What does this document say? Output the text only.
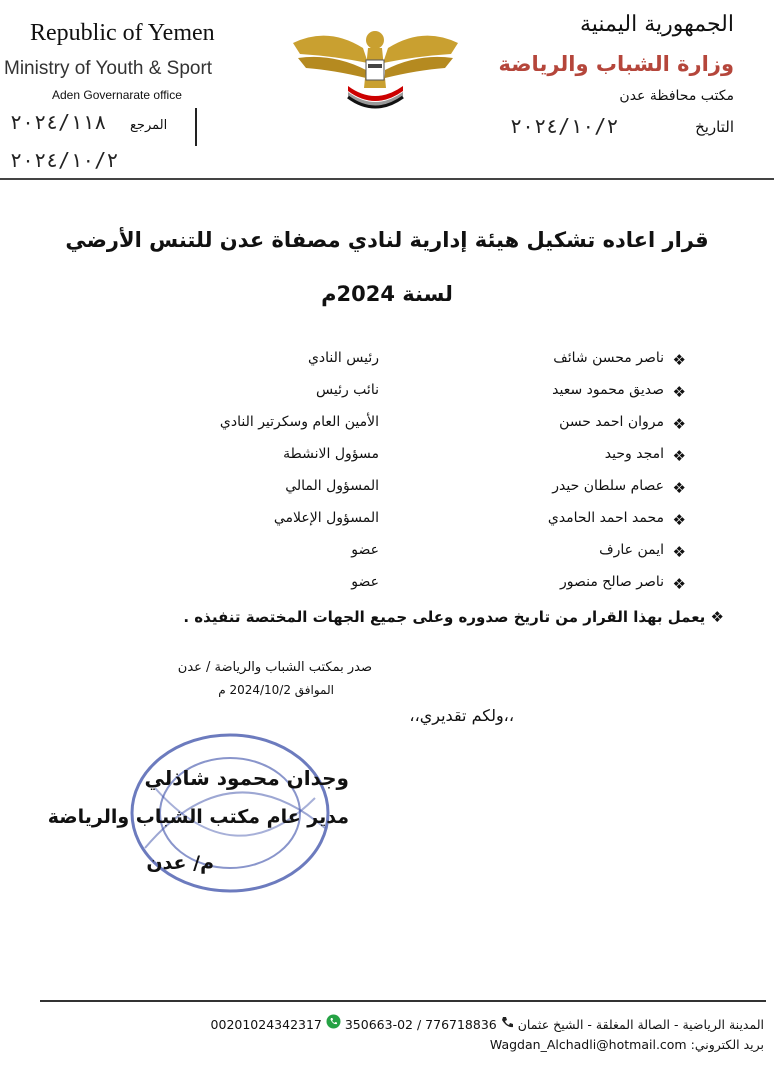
Republic of Yemen
Ministry of Youth & Sport
Aden Governarate office
المرجع
٢٠٢٤/١١٨
٢٠٢٤/١٠/٢
الجمهورية اليمنية
وزارة الشباب والرياضة
مكتب محافظة عدن
التاريخ
٢٠٢٤/١٠/٢
قرار اعاده تشكيل هيئة إدارية لنادي مصفاة عدن للتنس الأرضي
لسنة 2024م
❖
ناصر محسن شائف
رئيس النادي
❖
صديق محمود سعيد
نائب رئيس
❖
مروان احمد حسن
الأمين العام وسكرتير النادي
❖
امجد وحيد
مسؤول الانشطة
❖
عصام سلطان حيدر
المسؤول المالي
❖
محمد احمد الحامدي
المسؤول الإعلامي
❖
ايمن عارف
عضو
❖
ناصر صالح منصور
عضو
❖ يعمل بهذا القرار من تاريخ صدوره وعلى جميع الجهات المختصة تنفيذه .
صدر بمكتب الشباب والرياضة / عدن
الموافق 2024/10/2 م
،،ولكم تقديري،،
وجدان محمود شاذلي
مدير عام مكتب الشباب والرياضة
م/ عدن
المدينة الرياضية - الصالة المغلقة - الشيخ عثمان  776718836 / 02-350663  00201024342317
بريد الكتروني: Wagdan_Alchadli@hotmail.com
